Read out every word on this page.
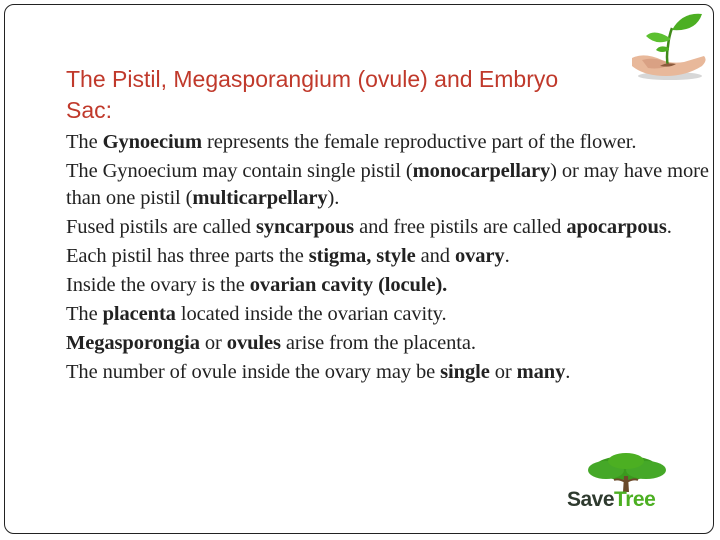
The Pistil, Megasporangium (ovule) and Embryo Sac:
The Gynoecium represents the female reproductive part of the flower.
The Gynoecium may contain single pistil (monocarpellary) or may have more than one pistil (multicarpellary).
Fused pistils are called syncarpous and free pistils are called apocarpous.
Each pistil has three parts the stigma, style and ovary.
Inside the ovary is the ovarian cavity (locule).
The placenta located inside the ovarian cavity.
Megasporongia or ovules arise from the placenta.
The number of ovule inside the ovary may be single or many.
SaveTree
